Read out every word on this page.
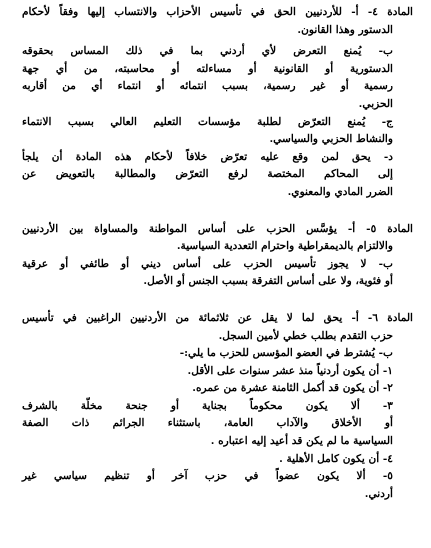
المادة ٤- أ- للأردنيين الحق في تأسيس الأحزاب والانتساب إليها وفقاً لأحكام
الدستور وهذا القانون.
ب- يُمنع التعرض لأي أردني بما في ذلك المساس بحقوقه
الدستورية أو القانونية أو مساءلته أو محاسبته، من أي جهة
رسمية أو غير رسمية، بسبب انتمائه أو انتماء أي من أقاربه
الحزبي.
ج- يُمنع التعرّض لطلبة مؤسسات التعليم العالي بسبب الانتماء
والنشاط الحزبي والسياسي.
د- يحق لمن وقع عليه تعرّض خلافاً لأحكام هذه المادة أن يلجأ
إلى المحاكم المختصة لرفع التعرّض والمطالبة بالتعويض عن
الضرر المادي والمعنوي.
المادة ٥- أ- يؤسَّس الحزب على أساس المواطنة والمساواة بين الأردنيين
والالتزام بالديمقراطية واحترام التعددية السياسية.
ب- لا يجوز تأسيس الحزب على أساس ديني أو طائفي أو عرقية
أو فئوية، ولا على أساس التفرقة بسبب الجنس أو الأصل.
المادة ٦- أ- يحق لما لا يقل عن ثلاثمائة من الأردنيين الراغبين في تأسيس
حزب التقدم بطلب خطي لأمين السجل.
ب- يُشترط في العضو المؤسس للحزب ما يلي:-
١- أن يكون أردنياً منذ عشر سنوات على الأقل.
٢- أن يكون قد أكمل الثامنة عشرة من عمره.
٣- ألا يكون محكوماً بجناية أو جنحة مخلّة بالشرف
أو الأخلاق والآداب العامة، باستثناء الجرائم ذات الصفة
السياسية ما لم يكن قد أعيد إليه اعتباره .
٤- أن يكون كامل الأهلية .
٥- ألا يكون عضواً في حزب آخر أو تنظيم سياسي غير
أردني.
